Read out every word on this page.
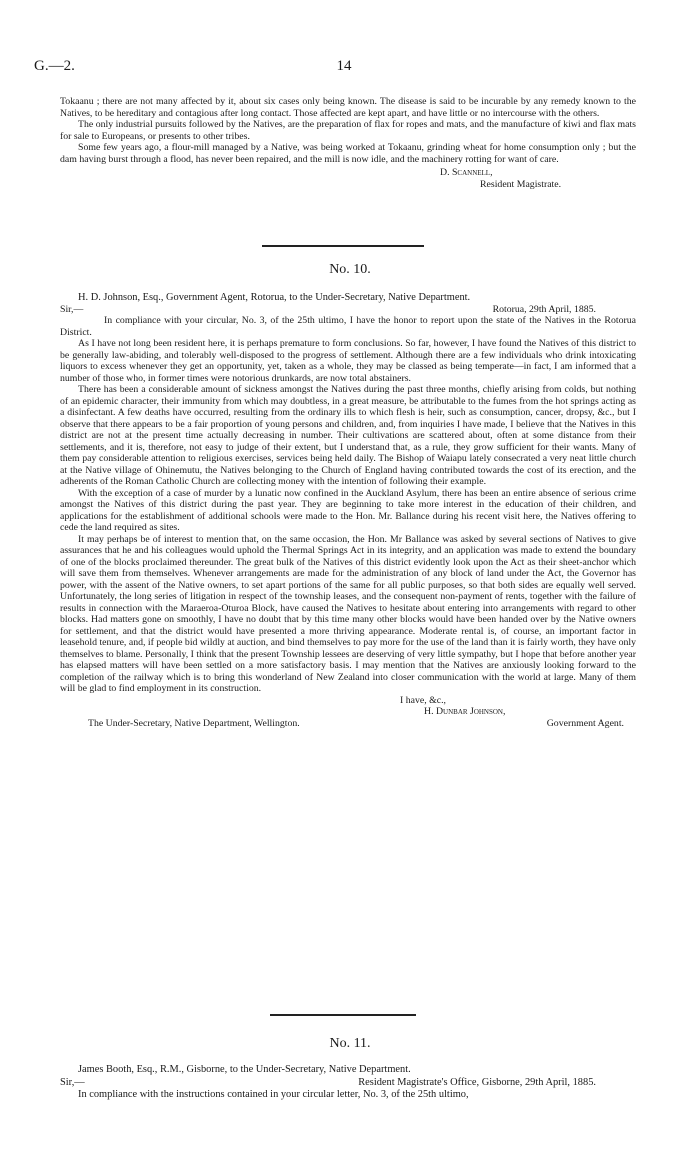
G.—2.	14

Tokaanu ; there are not many affected by it, about six cases only being known. The disease is said to be incurable by any remedy known to the Natives, to be hereditary and contagious after long contact. Those affected are kept apart, and have little or no intercourse with the others.

The only industrial pursuits followed by the Natives, are the preparation of flax for ropes and mats, and the manufacture of kiwi and flax mats for sale to Europeans, or presents to other tribes.

Some few years ago, a flour-mill managed by a Native, was being worked at Tokaanu, grinding wheat for home consumption only ; but the dam having burst through a flood, has never been repaired, and the mill is now idle, and the machinery rotting for want of care.

D. Scannell,

Resident Magistrate.

No. 10.

H. D. Johnson, Esq., Government Agent, Rotorua, to the Under-Secretary, Native Department.

Sir,—	Rotorua, 29th April, 1885.

In compliance with your circular, No. 3, of the 25th ultimo, I have the honor to report upon the state of the Natives in the Rotorua District.

As I have not long been resident here, it is perhaps premature to form conclusions. So far, however, I have found the Natives of this district to be generally law-abiding, and tolerably well-disposed to the progress of settlement. Although there are a few individuals who drink intoxicating liquors to excess whenever they get an opportunity, yet, taken as a whole, they may be classed as being temperate—in fact, I am informed that a number of those who, in former times were notorious drunkards, are now total abstainers.

There has been a considerable amount of sickness amongst the Natives during the past three months, chiefly arising from colds, but nothing of an epidemic character, their immunity from which may doubtless, in a great measure, be attributable to the fumes from the hot springs acting as a disinfectant. A few deaths have occurred, resulting from the ordinary ills to which flesh is heir, such as consumption, cancer, dropsy, &c., but I observe that there appears to be a fair proportion of young persons and children, and, from inquiries I have made, I believe that the Natives in this district are not at the present time actually decreasing in number. Their cultivations are scattered about, often at some distance from their settlements, and it is, therefore, not easy to judge of their extent, but I understand that, as a rule, they grow sufficient for their wants. Many of them pay considerable attention to religious exercises, services being held daily. The Bishop of Waiapu lately consecrated a very neat little church at the Native village of Ohinemutu, the Natives belonging to the Church of England having contributed towards the cost of its erection, and the adherents of the Roman Catholic Church are collecting money with the intention of following their example.

With the exception of a case of murder by a lunatic now confined in the Auckland Asylum, there has been an entire absence of serious crime amongst the Natives of this district during the past year. They are beginning to take more interest in the education of their children, and applications for the establishment of additional schools were made to the Hon. Mr. Ballance during his recent visit here, the Natives offering to cede the land required as sites.

It may perhaps be of interest to mention that, on the same occasion, the Hon. Mr Ballance was asked by several sections of Natives to give assurances that he and his colleagues would uphold the Thermal Springs Act in its integrity, and an application was made to extend the boundary of one of the blocks proclaimed thereunder. The great bulk of the Natives of this district evidently look upon the Act as their sheet-anchor which will save them from themselves. Whenever arrangements are made for the administration of any block of land under the Act, the Governor has power, with the assent of the Native owners, to set apart portions of the same for all public purposes, so that both sides are equally well served. Unfortunately, the long series of litigation in respect of the township leases, and the consequent non-payment of rents, together with the failure of results in connection with the Maraeroa-Oturoa Block, have caused the Natives to hesitate about entering into arrangements with regard to other blocks. Had matters gone on smoothly, I have no doubt that by this time many other blocks would have been handed over by the Native owners for settlement, and that the district would have presented a more thriving appearance. Moderate rental is, of course, an important factor in leasehold tenure, and, if people bid wildly at auction, and bind themselves to pay more for the use of the land than it is fairly worth, they have only themselves to blame. Personally, I think that the present Township lessees are deserving of very little sympathy, but I hope that before another year has elapsed matters will have been settled on a more satisfactory basis. I may mention that the Natives are anxiously looking forward to the completion of the railway which is to bring this wonderland of New Zealand into closer communication with the world at large. Many of them will be glad to find employment in its construction.

I have, &c.,

H. Dunbar Johnson,

The Under-Secretary, Native Department, Wellington.	Government Agent.
No. 11.

James Booth, Esq., R.M., Gisborne, to the Under-Secretary, Native Department.

Sir,—	Resident Magistrate's Office, Gisborne, 29th April, 1885.

In compliance with the instructions contained in your circular letter, No. 3, of the 25th ultimo,
